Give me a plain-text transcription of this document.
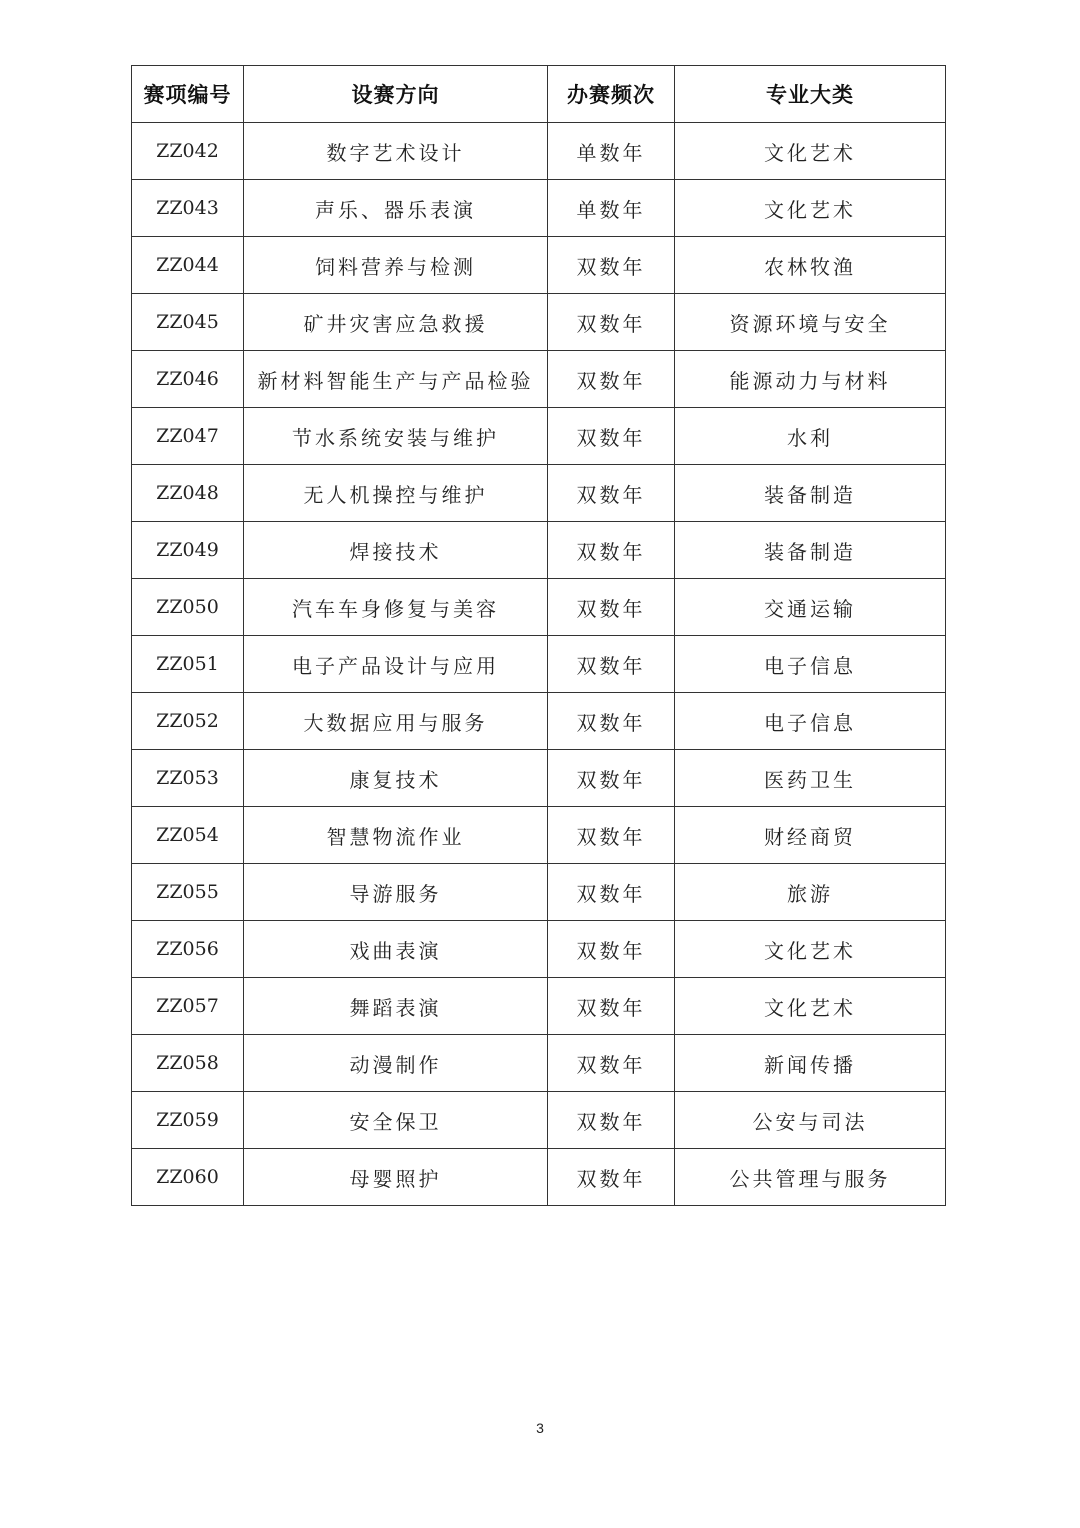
赛项编号	设赛方向	办赛频次	专业大类
ZZ042	数字艺术设计	单数年	文化艺术
ZZ043	声乐、器乐表演	单数年	文化艺术
ZZ044	饲料营养与检测	双数年	农林牧渔
ZZ045	矿井灾害应急救援	双数年	资源环境与安全
ZZ046	新材料智能生产与产品检验	双数年	能源动力与材料
ZZ047	节水系统安装与维护	双数年	水利
ZZ048	无人机操控与维护	双数年	装备制造
ZZ049	焊接技术	双数年	装备制造
ZZ050	汽车车身修复与美容	双数年	交通运输
ZZ051	电子产品设计与应用	双数年	电子信息
ZZ052	大数据应用与服务	双数年	电子信息
ZZ053	康复技术	双数年	医药卫生
ZZ054	智慧物流作业	双数年	财经商贸
ZZ055	导游服务	双数年	旅游
ZZ056	戏曲表演	双数年	文化艺术
ZZ057	舞蹈表演	双数年	文化艺术
ZZ058	动漫制作	双数年	新闻传播
ZZ059	安全保卫	双数年	公安与司法
ZZ060	母婴照护	双数年	公共管理与服务
3
